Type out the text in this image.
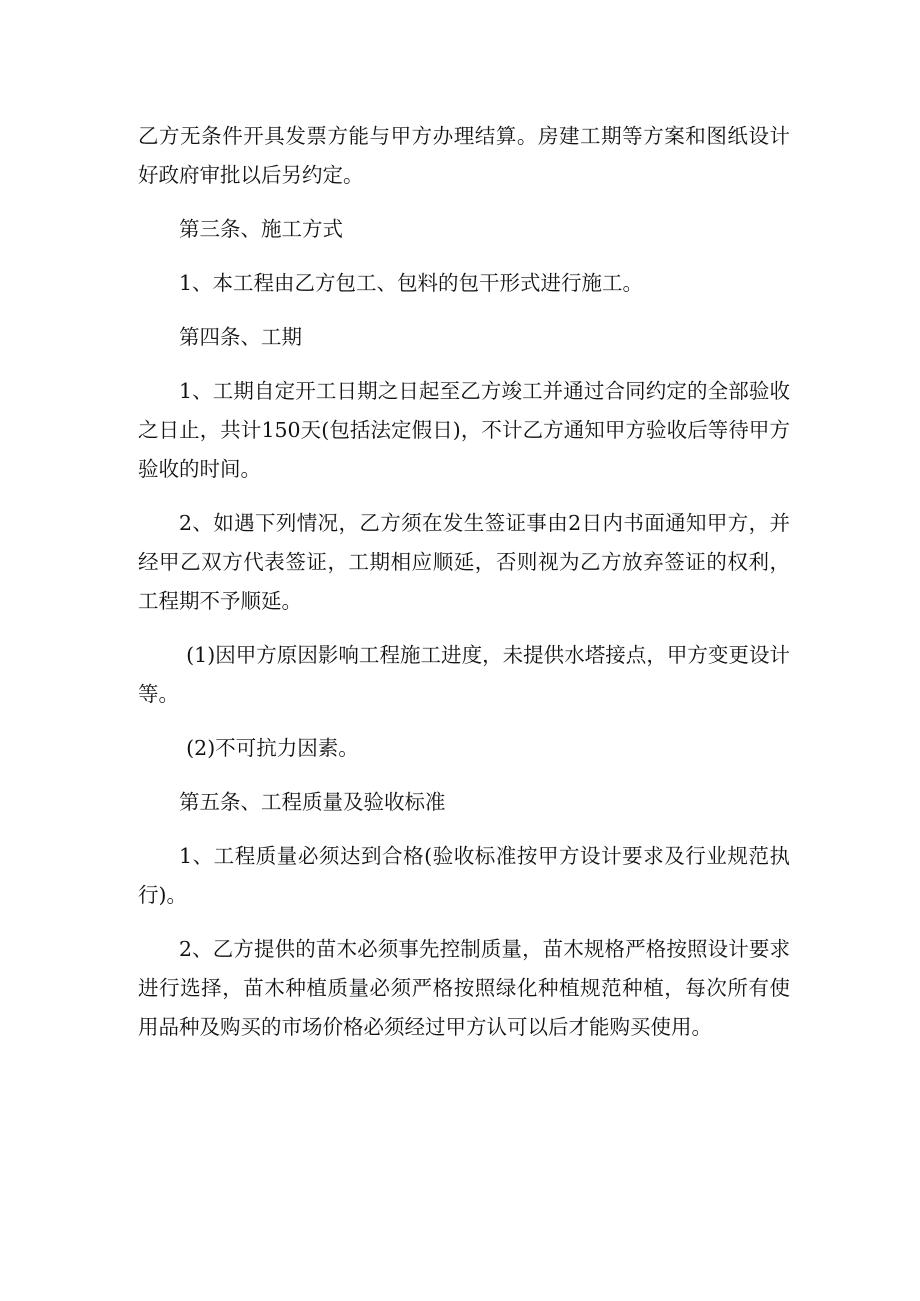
乙方无条件开具发票方能与甲方办理结算。房建工期等方案和图纸设计好政府审批以后另约定。

第三条、施工方式

1、本工程由乙方包工、包料的包干形式进行施工。

第四条、工期

1、工期自定开工日期之日起至乙方竣工并通过合同约定的全部验收之日止，共计150天(包括法定假日)，不计乙方通知甲方验收后等待甲方验收的时间。

2、如遇下列情况，乙方须在发生签证事由2日内书面通知甲方，并经甲乙双方代表签证，工期相应顺延，否则视为乙方放弃签证的权利，工程期不予顺延。

(1)因甲方原因影响工程施工进度，未提供水塔接点，甲方变更设计等。

(2)不可抗力因素。

第五条、工程质量及验收标准

1、工程质量必须达到合格(验收标准按甲方设计要求及行业规范执行)。

2、乙方提供的苗木必须事先控制质量，苗木规格严格按照设计要求进行选择，苗木种植质量必须严格按照绿化种植规范种植，每次所有使用品种及购买的市场价格必须经过甲方认可以后才能购买使用。
